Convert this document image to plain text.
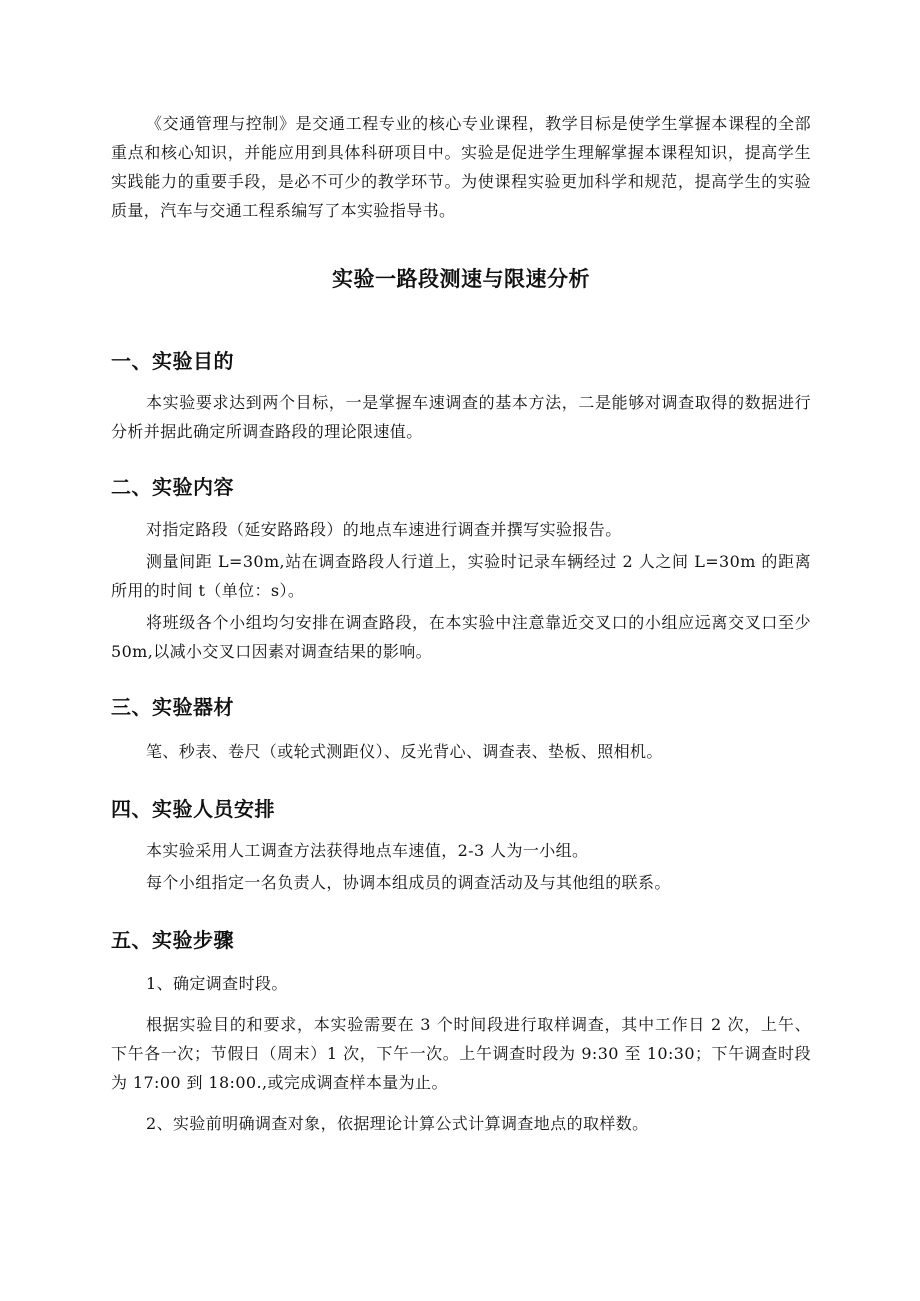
《交通管理与控制》是交通工程专业的核心专业课程，教学目标是使学生掌握本课程的全部重点和核心知识，并能应用到具体科研项目中。实验是促进学生理解掌握本课程知识，提高学生实践能力的重要手段，是必不可少的教学环节。为使课程实验更加科学和规范，提高学生的实验质量，汽车与交通工程系编写了本实验指导书。

实验一路段测速与限速分析
一、实验目的

本实验要求达到两个目标，一是掌握车速调查的基本方法，二是能够对调查取得的数据进行分析并据此确定所调查路段的理论限速值。

二、实验内容

对指定路段（延安路路段）的地点车速进行调查并撰写实验报告。

测量间距 L=30m,站在调查路段人行道上，实验时记录车辆经过 2 人之间 L=30m 的距离所用的时间 t（单位：s）。

将班级各个小组均匀安排在调查路段，在本实验中注意靠近交叉口的小组应远离交叉口至少 50m,以减小交叉口因素对调查结果的影响。

三、实验器材

笔、秒表、卷尺（或轮式测距仪）、反光背心、调查表、垫板、照相机。

四、实验人员安排

本实验采用人工调查方法获得地点车速值，2-3 人为一小组。

每个小组指定一名负责人，协调本组成员的调查活动及与其他组的联系。

五、实验步骤

1、确定调查时段。

根据实验目的和要求，本实验需要在 3 个时间段进行取样调查，其中工作日 2 次，上午、下午各一次；节假日（周末）1 次，下午一次。上午调查时段为 9:30 至 10:30；下午调查时段为 17:00 到 18:00.,或完成调查样本量为止。

2、实验前明确调查对象，依据理论计算公式计算调查地点的取样数。
